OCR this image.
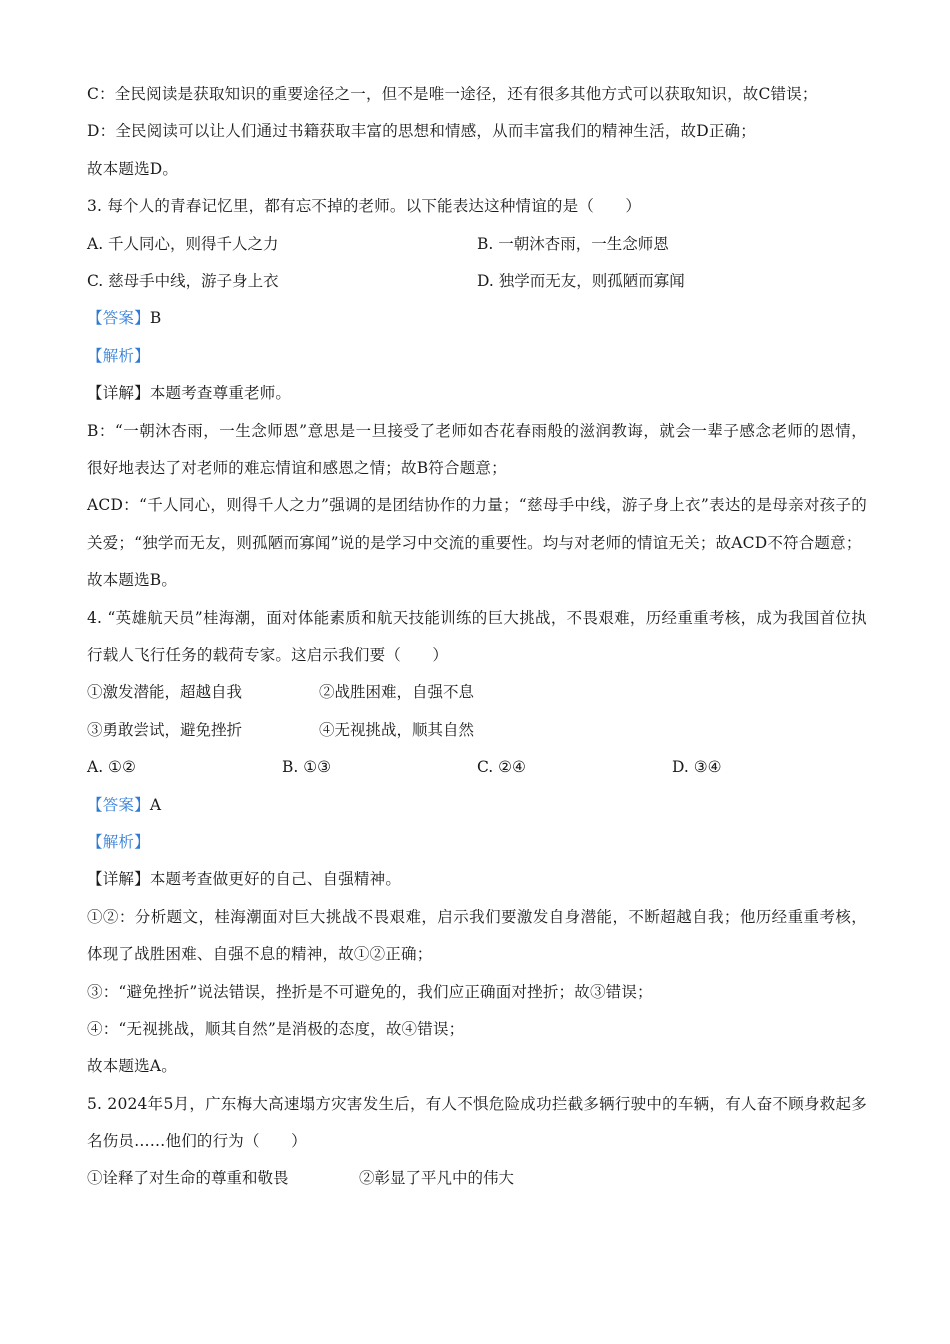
C：全民阅读是获取知识的重要途径之一，但不是唯一途径，还有很多其他方式可以获取知识，故C错误；
D：全民阅读可以让人们通过书籍获取丰富的思想和情感，从而丰富我们的精神生活，故D正确；
故本题选D。
3. 每个人的青春记忆里，都有忘不掉的老师。以下能表达这种情谊的是（　　）
A. 千人同心，则得千人之力	B. 一朝沐杏雨，一生念师恩
C. 慈母手中线，游子身上衣	D. 独学而无友，则孤陋而寡闻
【答案】B
【解析】
【详解】本题考查尊重老师。
B：“一朝沐杏雨，一生念师恩”意思是一旦接受了老师如杏花春雨般的滋润教诲，就会一辈子感念老师的恩情，很好地表达了对老师的难忘情谊和感恩之情；故B符合题意；
ACD：“千人同心，则得千人之力”强调的是团结协作的力量；“慈母手中线，游子身上衣”表达的是母亲对孩子的关爱；“独学而无友，则孤陋而寡闻”说的是学习中交流的重要性。均与对老师的情谊无关；故ACD不符合题意；
故本题选B。
4. “英雄航天员”桂海潮，面对体能素质和航天技能训练的巨大挑战，不畏艰难，历经重重考核，成为我国首位执行载人飞行任务的载荷专家。这启示我们要（　　）
①激发潜能，超越自我	②战胜困难，自强不息
③勇敢尝试，避免挫折	④无视挑战，顺其自然
A. ①②	B. ①③	C. ②④	D. ③④
【答案】A
【解析】
【详解】本题考查做更好的自己、自强精神。
①②：分析题文，桂海潮面对巨大挑战不畏艰难，启示我们要激发自身潜能，不断超越自我；他历经重重考核，体现了战胜困难、自强不息的精神，故①②正确；
③：“避免挫折”说法错误，挫折是不可避免的，我们应正确面对挫折；故③错误；
④：“无视挑战，顺其自然”是消极的态度，故④错误；
故本题选A。
5. 2024年5月，广东梅大高速塌方灾害发生后，有人不惧危险成功拦截多辆行驶中的车辆，有人奋不顾身救起多名伤员……他们的行为（　　）
①诠释了对生命的尊重和敬畏	②彰显了平凡中的伟大
